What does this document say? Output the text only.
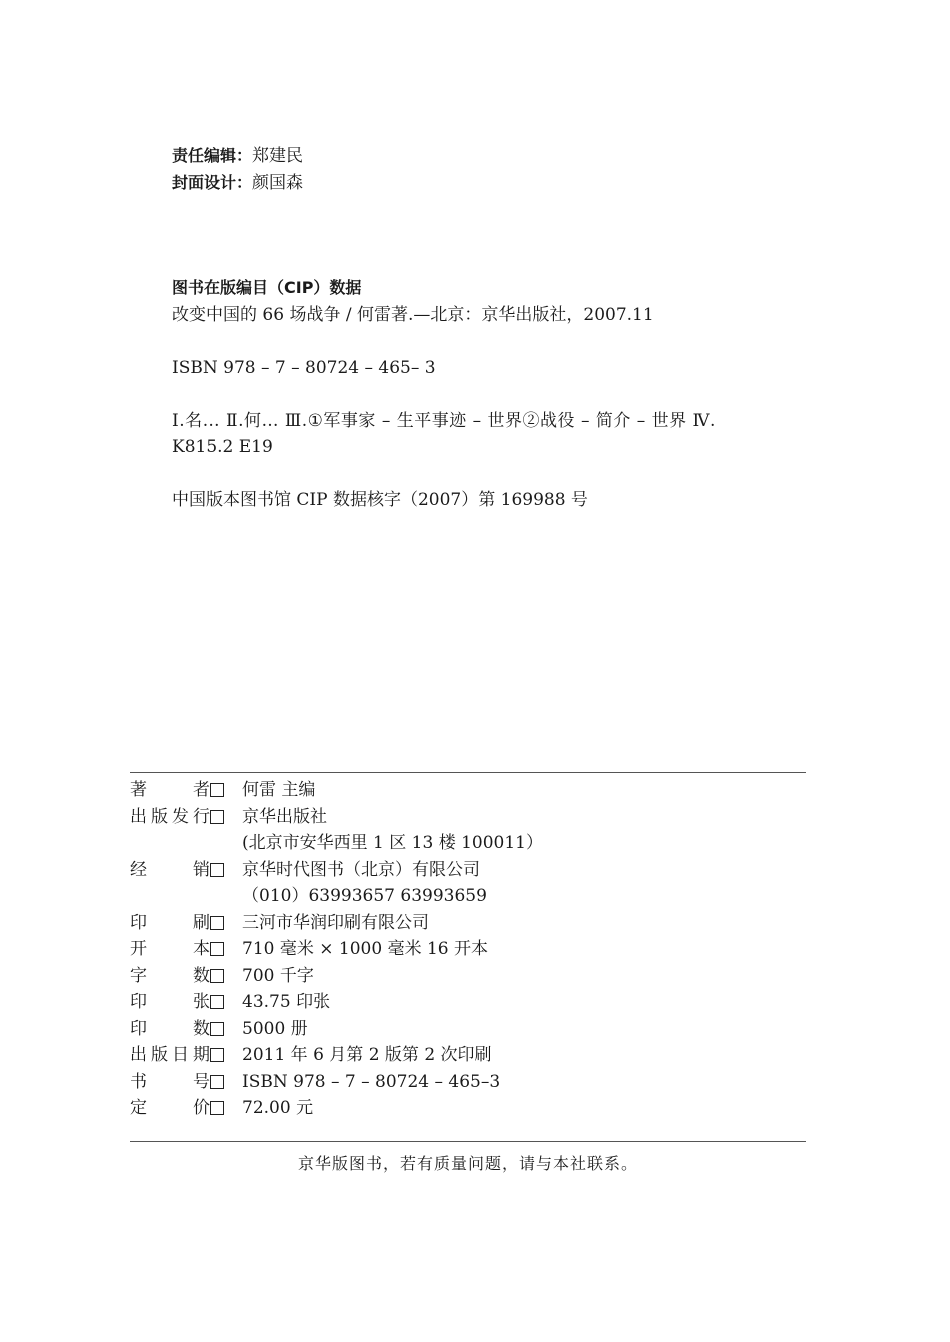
责任编辑：郑建民
封面设计：颜国森
图书在版编目（CIP）数据
改变中国的 66 场战争 / 何雷著.—北京：京华出版社，2007.11
ISBN 978 – 7 – 80724 – 465– 3
Ⅰ.名… Ⅱ.何… Ⅲ.①军事家 – 生平事迹 – 世界②战役 – 简介 – 世界 Ⅳ.
K815.2 E19
中国版本图书馆 CIP 数据核字（2007）第 169988 号
著者 何雷 主编
出版发行 京华出版社
(北京市安华西里 1 区 13 楼 100011）
经销 京华时代图书（北京）有限公司
（010）63993657 63993659
印刷 三河市华润印刷有限公司
开本 710 毫米 × 1000 毫米 16 开本
字数 700 千字
印张 43.75 印张
印数 5000 册
出版日期 2011 年 6 月第 2 版第 2 次印刷
书号 ISBN 978 – 7 – 80724 – 465–3
定价 72.00 元
京华版图书，若有质量问题，请与本社联系。
